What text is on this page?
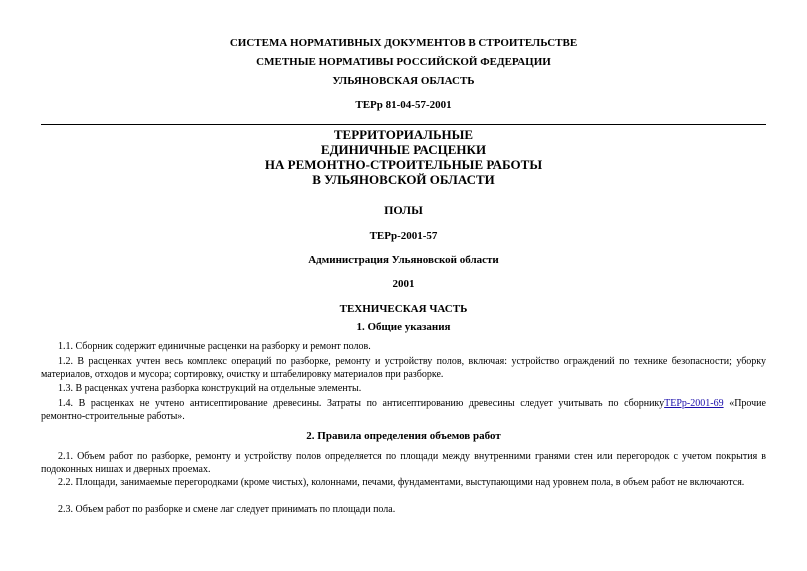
СИСТЕМА НОРМАТИВНЫХ ДОКУМЕНТОВ В СТРОИТЕЛЬСТВЕ
СМЕТНЫЕ НОРМАТИВЫ РОССИЙСКОЙ ФЕДЕРАЦИИ
УЛЬЯНОВСКАЯ ОБЛАСТЬ
ТЕРр 81-04-57-2001
ТЕРРИТОРИАЛЬНЫЕ
ЕДИНИЧНЫЕ РАСЦЕНКИ
НА РЕМОНТНО-СТРОИТЕЛЬНЫЕ РАБОТЫ
В УЛЬЯНОВСКОЙ ОБЛАСТИ
ПОЛЫ
ТЕРр-2001-57
Администрация Ульяновской области
2001
ТЕХНИЧЕСКАЯ ЧАСТЬ
1. Общие указания
1.1. Сборник содержит единичные расценки на разборку и ремонт полов.
1.2. В расценках учтен весь комплекс операций по разборке, ремонту и устройству полов, включая: устройство ограждений по технике безопасности; уборку материалов, отходов и мусора; сортировку, очистку и штабелировку материалов при разборке.
1.3. В расценках учтена разборка конструкций на отдельные элементы.
1.4. В расценках не учтено антисептирование древесины. Затраты по антисептированию древесины следует учитывать по сборникуТЕРр-2001-69 «Прочие ремонтно-строительные работы».
2. Правила определения объемов работ
2.1. Объем работ по разборке, ремонту и устройству полов определяется по площади между внутренними гранями стен или перегородок с учетом покрытия в подоконных нишах и дверных проемах.
2.2. Площади, занимаемые перегородками (кроме чистых), колоннами, печами, фундаментами, выступающими над уровнем пола, в объем работ не включаются.
2.3. Объем работ по разборке и смене лаг следует принимать по площади пола.
